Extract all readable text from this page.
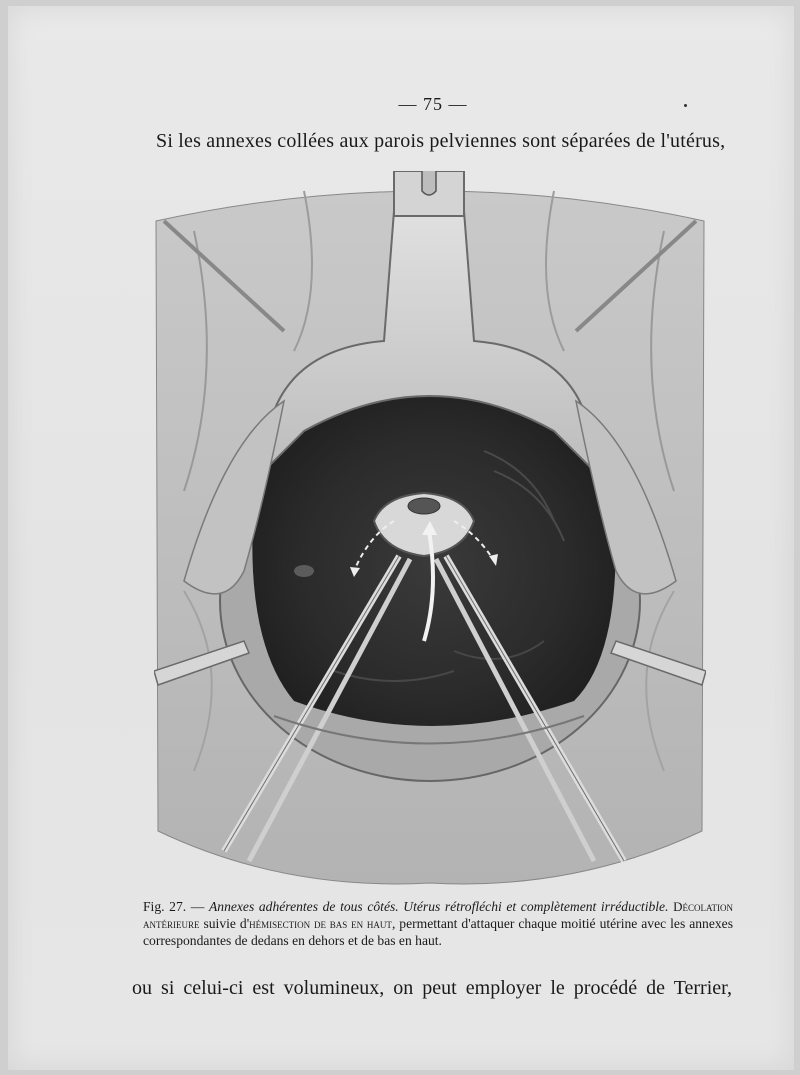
— 75 —
Si les annexes collées aux parois pelviennes sont séparées de l'utérus,
Fig. 27. — Annexes adhérentes de tous côtés. Utérus rétrofléchi et complètement irréductible. Décolation antérieure suivie d'hémisection de bas en haut, permettant d'attaquer chaque moitié utérine avec les annexes correspondantes de dedans en dehors et de bas en haut.
ou si celui-ci est volumineux, on peut employer le procédé de Terrier,
